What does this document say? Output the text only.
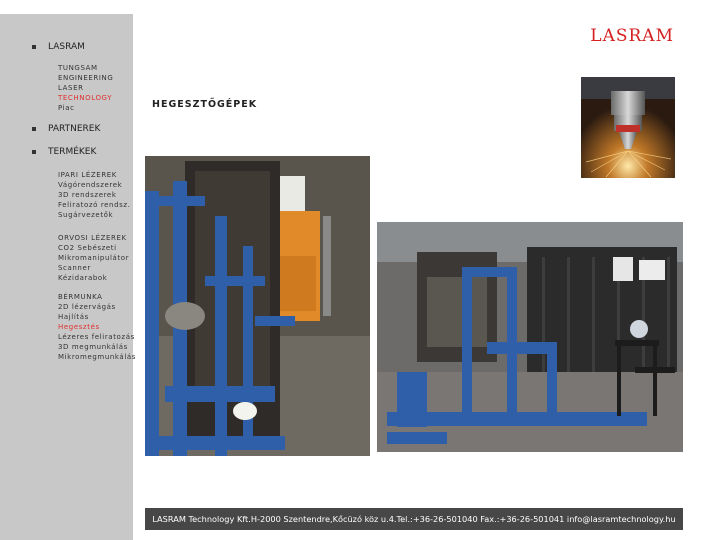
LASRAM
TUNGSAM
ENGINEERING
LASER
TECHNOLOGY
Piac
PARTNEREK
TERMÉKEK
IPARI LÉZEREK
Vágórendszerek
3D rendszerek
Feliratozó rendsz.
Sugárvezetők
ORVOSI LÉZEREK
CO2 Sebészeti
Mikromanipulátor
Scanner
Kézidarabok
BÉRMUNKA
2D lézervágás
Hajlítás
Hegesztés
Lézeres feliratozás
3D megmunkálás
Mikromegmunkálás
LASRAM
HEGESZTŐGÉPEK
LASRAM Technology Kft.H-2000 Szentendre,Kőcüzó köz u.4.Tel.:+36-26-501040 Fax.:+36-26-501041 info@lasramtechnology.hu
